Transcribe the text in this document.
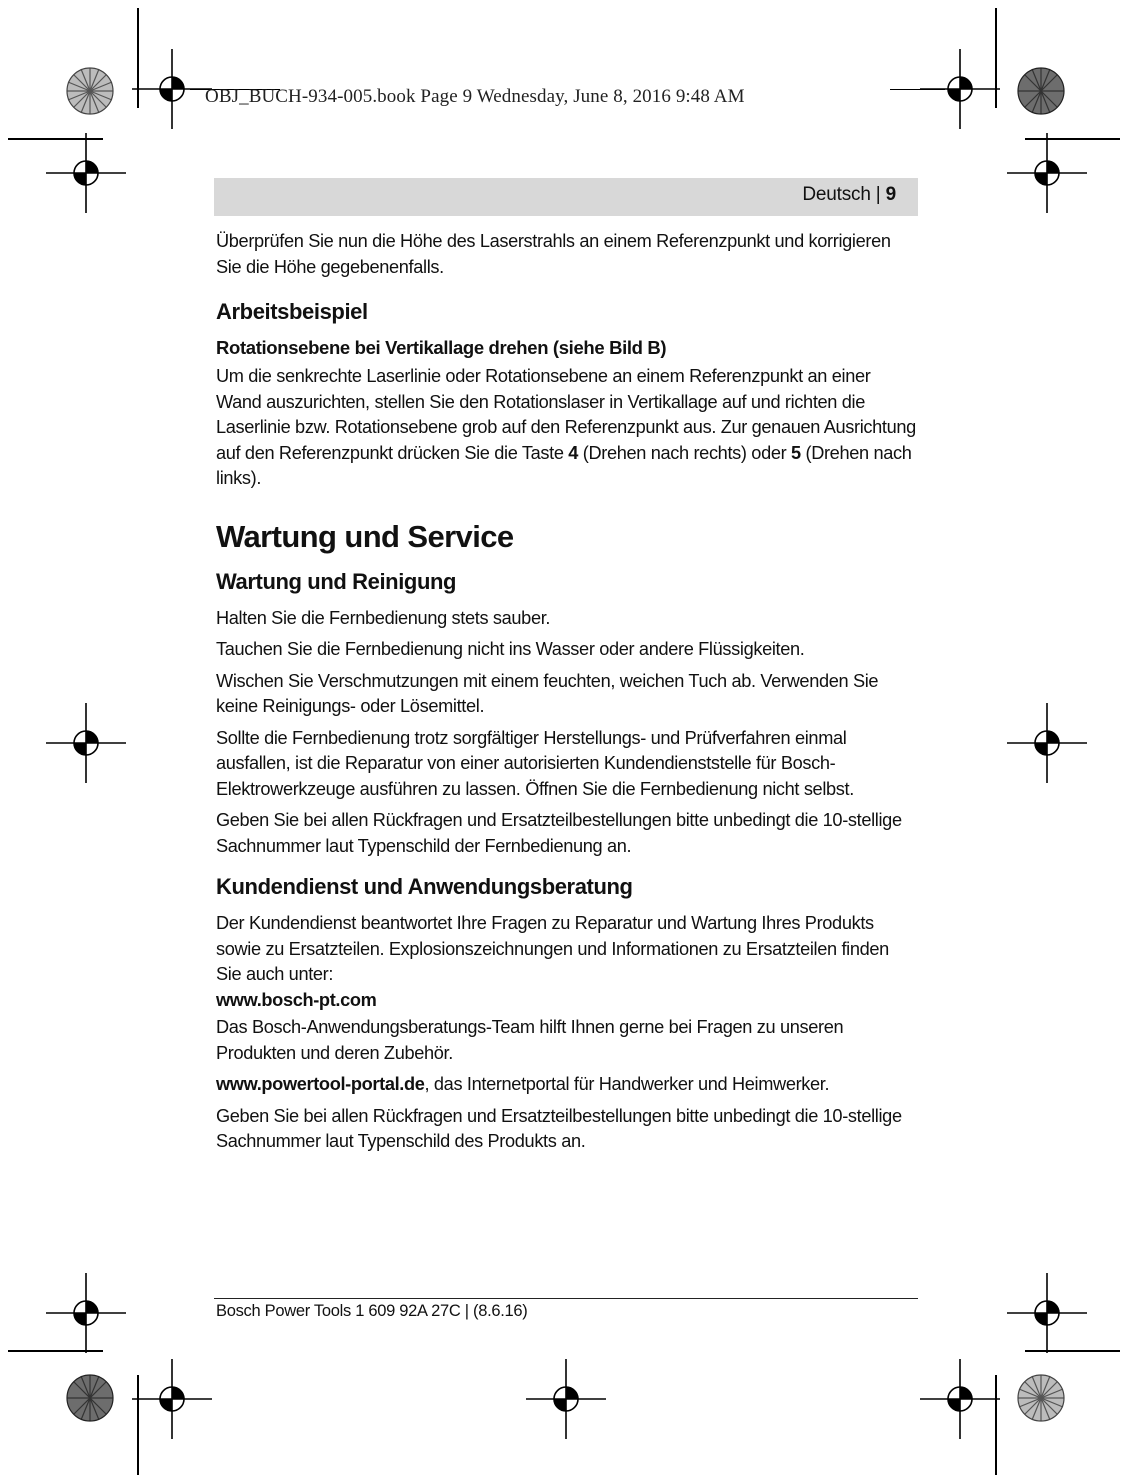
OBJ_BUCH-934-005.book Page 9 Wednesday, June 8, 2016 9:48 AM
Deutsch | 9

Überprüfen Sie nun die Höhe des Laserstrahls an einem Referenzpunkt und korrigieren Sie die Höhe gegebenenfalls.

Arbeitsbeispiel
Rotationsebene bei Vertikallage drehen (siehe Bild B)

Um die senkrechte Laserlinie oder Rotationsebene an einem Referenzpunkt an einer Wand auszurichten, stellen Sie den Rotationslaser in Vertikallage auf und richten die Laserlinie bzw. Rotationsebene grob auf den Referenzpunkt aus. Zur genauen Ausrichtung auf den Referenzpunkt drücken Sie die Taste 4 (Drehen nach rechts) oder 5 (Drehen nach links).

Wartung und Service
Wartung und Reinigung

Halten Sie die Fernbedienung stets sauber.

Tauchen Sie die Fernbedienung nicht ins Wasser oder andere Flüssigkeiten.

Wischen Sie Verschmutzungen mit einem feuchten, weichen Tuch ab. Verwenden Sie keine Reinigungs- oder Lösemittel.

Sollte die Fernbedienung trotz sorgfältiger Herstellungs- und Prüfverfahren einmal ausfallen, ist die Reparatur von einer autorisierten Kundendienststelle für Bosch-Elektrowerkzeuge ausführen zu lassen. Öffnen Sie die Fernbedienung nicht selbst.

Geben Sie bei allen Rückfragen und Ersatzteilbestellungen bitte unbedingt die 10-stellige Sachnummer laut Typenschild der Fernbedienung an.

Kundendienst und Anwendungsberatung

Der Kundendienst beantwortet Ihre Fragen zu Reparatur und Wartung Ihres Produkts sowie zu Ersatzteilen. Explosionszeichnungen und Informationen zu Ersatzteilen finden Sie auch unter:

www.bosch-pt.com

Das Bosch-Anwendungsberatungs-Team hilft Ihnen gerne bei Fragen zu unseren Produkten und deren Zubehör.

www.powertool-portal.de, das Internetportal für Handwerker und Heimwerker.

Geben Sie bei allen Rückfragen und Ersatzteilbestellungen bitte unbedingt die 10-stellige Sachnummer laut Typenschild des Produkts an.

Bosch Power Tools 1 609 92A 27C | (8.6.16)
